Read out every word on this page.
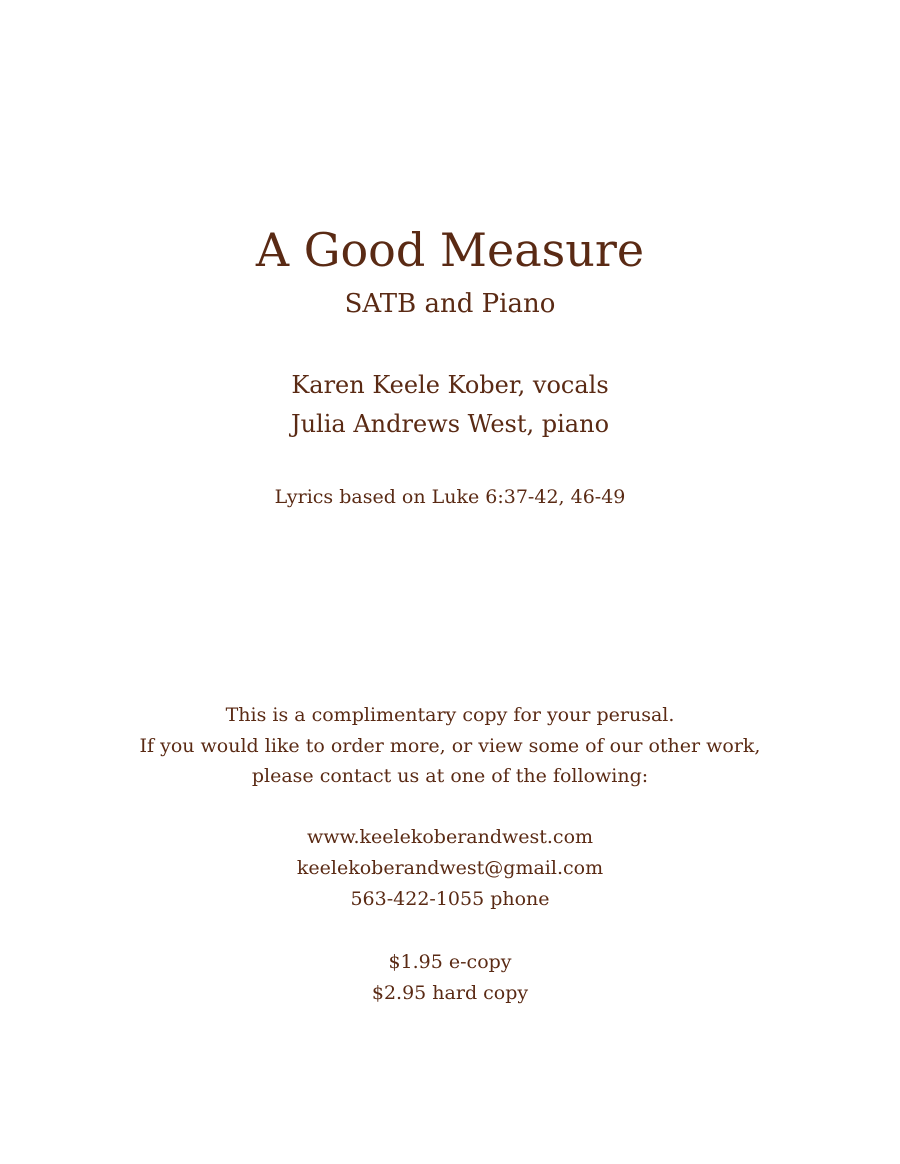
A Good Measure
SATB and Piano
Karen Keele Kober, vocals
Julia Andrews West, piano
Lyrics based on Luke 6:37-42, 46-49
This is a complimentary copy for your perusal.
If you would like to order more, or view some of our other work,
please contact us at one of the following:
www.keelekoberandwest.com
keelekoberandwest@gmail.com
563-422-1055 phone
$1.95 e-copy
$2.95 hard copy
